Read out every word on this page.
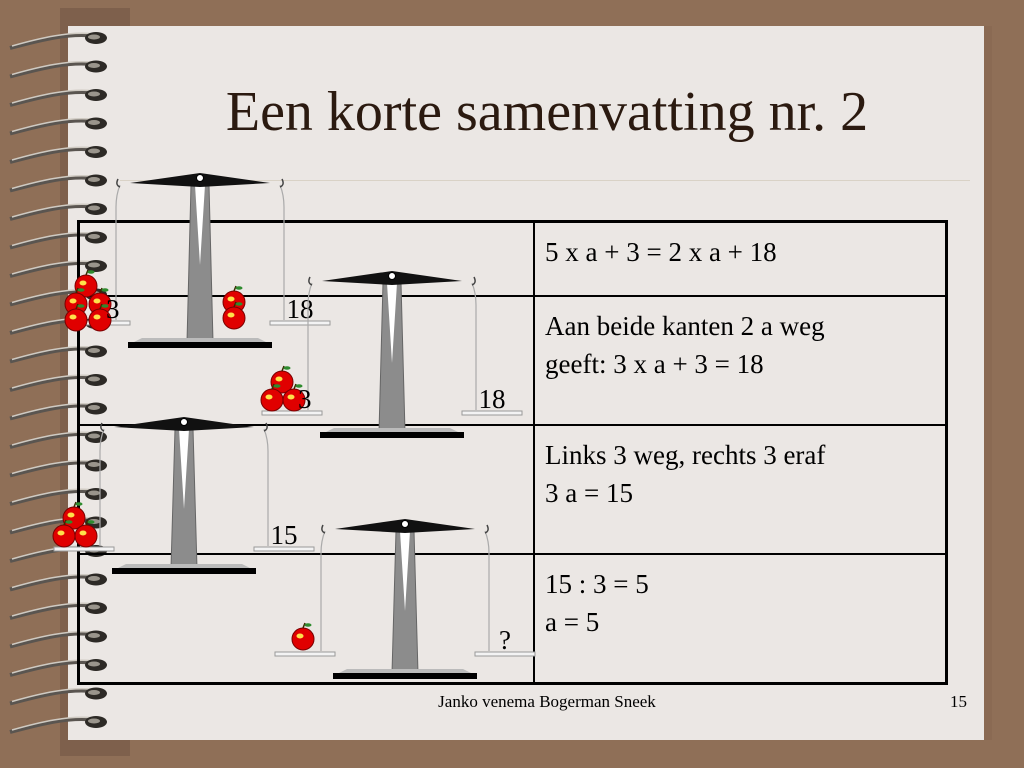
Een korte samenvatting nr. 2

	5 x a + 3 = 2 x a + 18

	Aan beide kanten 2 a weg
geeft: 3 x a + 3 = 18

	Links 3 weg, rechts 3 eraf
3 a = 15

	15 : 3 = 5
a = 5
3	18
3	18
15
?
Janko venema Bogerman Sneek	15
